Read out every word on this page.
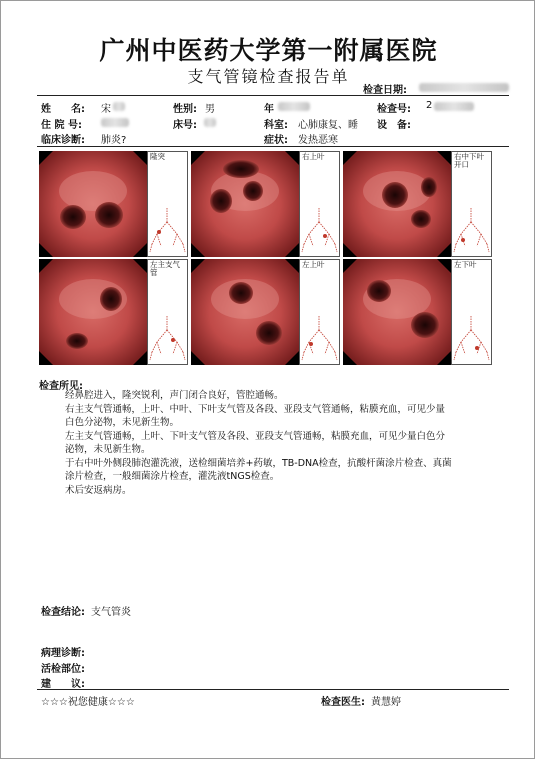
广州中医药大学第一附属医院
支气管镜检查报告单
检查日期:
姓　　名: 宋	性别: 男	年	检查号: 2
住 院 号:	床号:	科室: 心肺康复、睡 设　备:
临床诊断: 肺炎?	症状: 发热恶寒
隆突	右上叶	右中下叶开口
左主支气管
左上叶	左下叶
检查所见:
经鼻腔进入，隆突锐利，声门闭合良好，管腔通畅。
右主支气管通畅，上叶、中叶、下叶支气管及各段、亚段支气管通畅，粘膜充血，可见少量
白色分泌物，未见新生物。
左主支气管通畅，上叶、下叶支气管及各段、亚段支气管通畅，粘膜充血，可见少量白色分
泌物，未见新生物。
于右中叶外侧段肺泡灌洗液，送检细菌培养+药敏，TB-DNA检查，抗酸杆菌涂片检查、真菌
涂片检查，一般细菌涂片检查，灌洗液tNGS检查。
术后安返病房。
检查结论: 支气管炎
病理诊断:
活检部位:
建　　议:
☆☆☆祝您健康☆☆☆	检查医生: 黄慧婷
